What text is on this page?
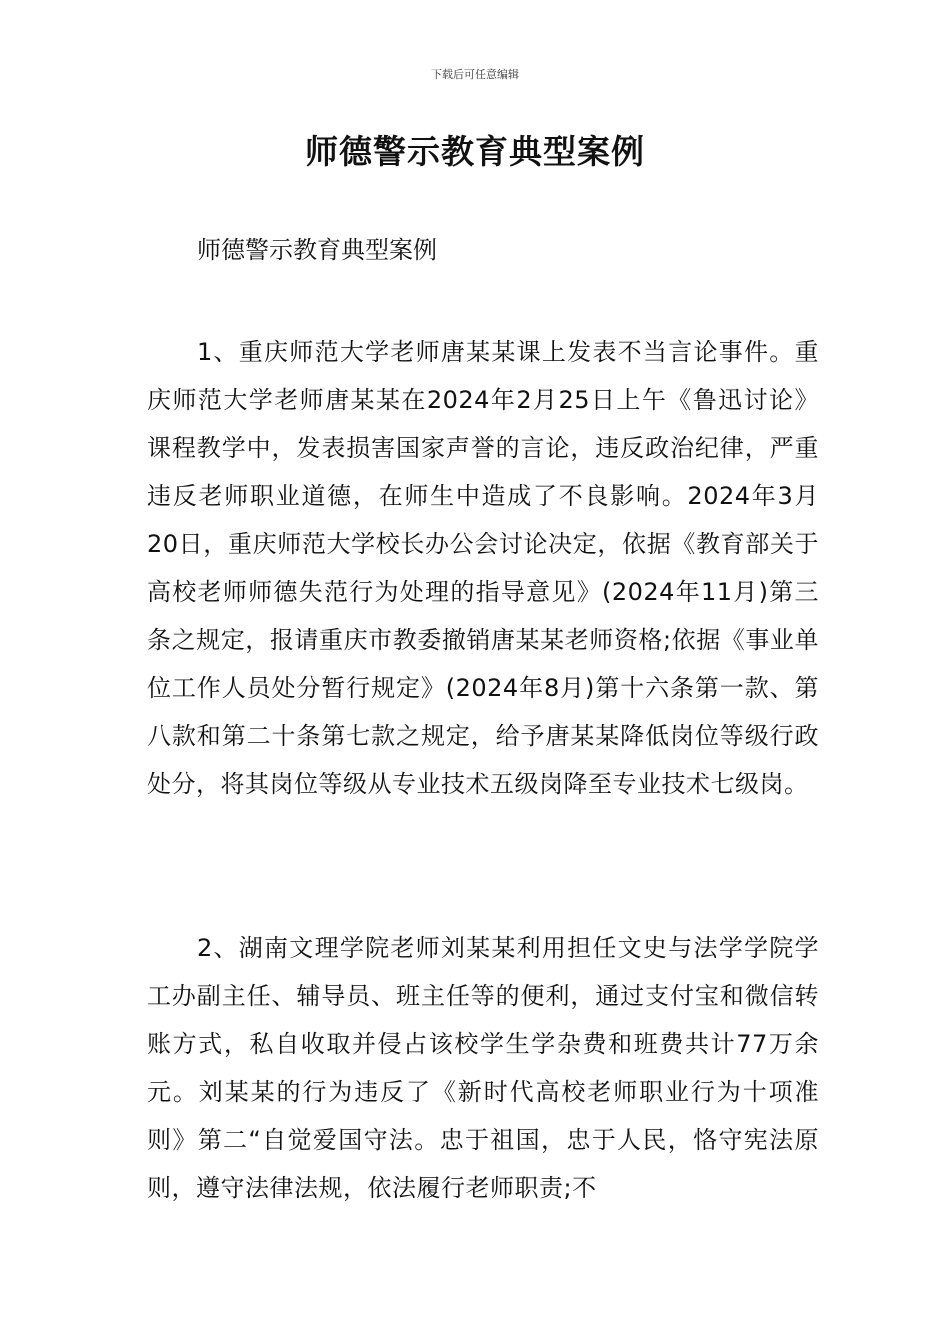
下载后可任意编辑
师德警示教育典型案例
师德警示教育典型案例

1、重庆师范大学老师唐某某课上发表不当言论事件。重庆师范大学老师唐某某在2024年2月25日上午《鲁迅讨论》课程教学中，发表损害国家声誉的言论，违反政治纪律，严重违反老师职业道德，在师生中造成了不良影响。2024年3月20日，重庆师范大学校长办公会讨论决定，依据《教育部关于高校老师师德失范行为处理的指导意见》(2024年11月)第三条之规定，报请重庆市教委撤销唐某某老师资格;依据《事业单位工作人员处分暂行规定》(2024年8月)第十六条第一款、第八款和第二十条第七款之规定，给予唐某某降低岗位等级行政处分，将其岗位等级从专业技术五级岗降至专业技术七级岗。

2、湖南文理学院老师刘某某利用担任文史与法学学院学工办副主任、辅导员、班主任等的便利，通过支付宝和微信转账方式，私自收取并侵占该校学生学杂费和班费共计77万余元。刘某某的行为违反了《新时代高校老师职业行为十项准则》第二“自觉爱国守法。忠于祖国，忠于人民，恪守宪法原则，遵守法律法规，依法履行老师职责;不
